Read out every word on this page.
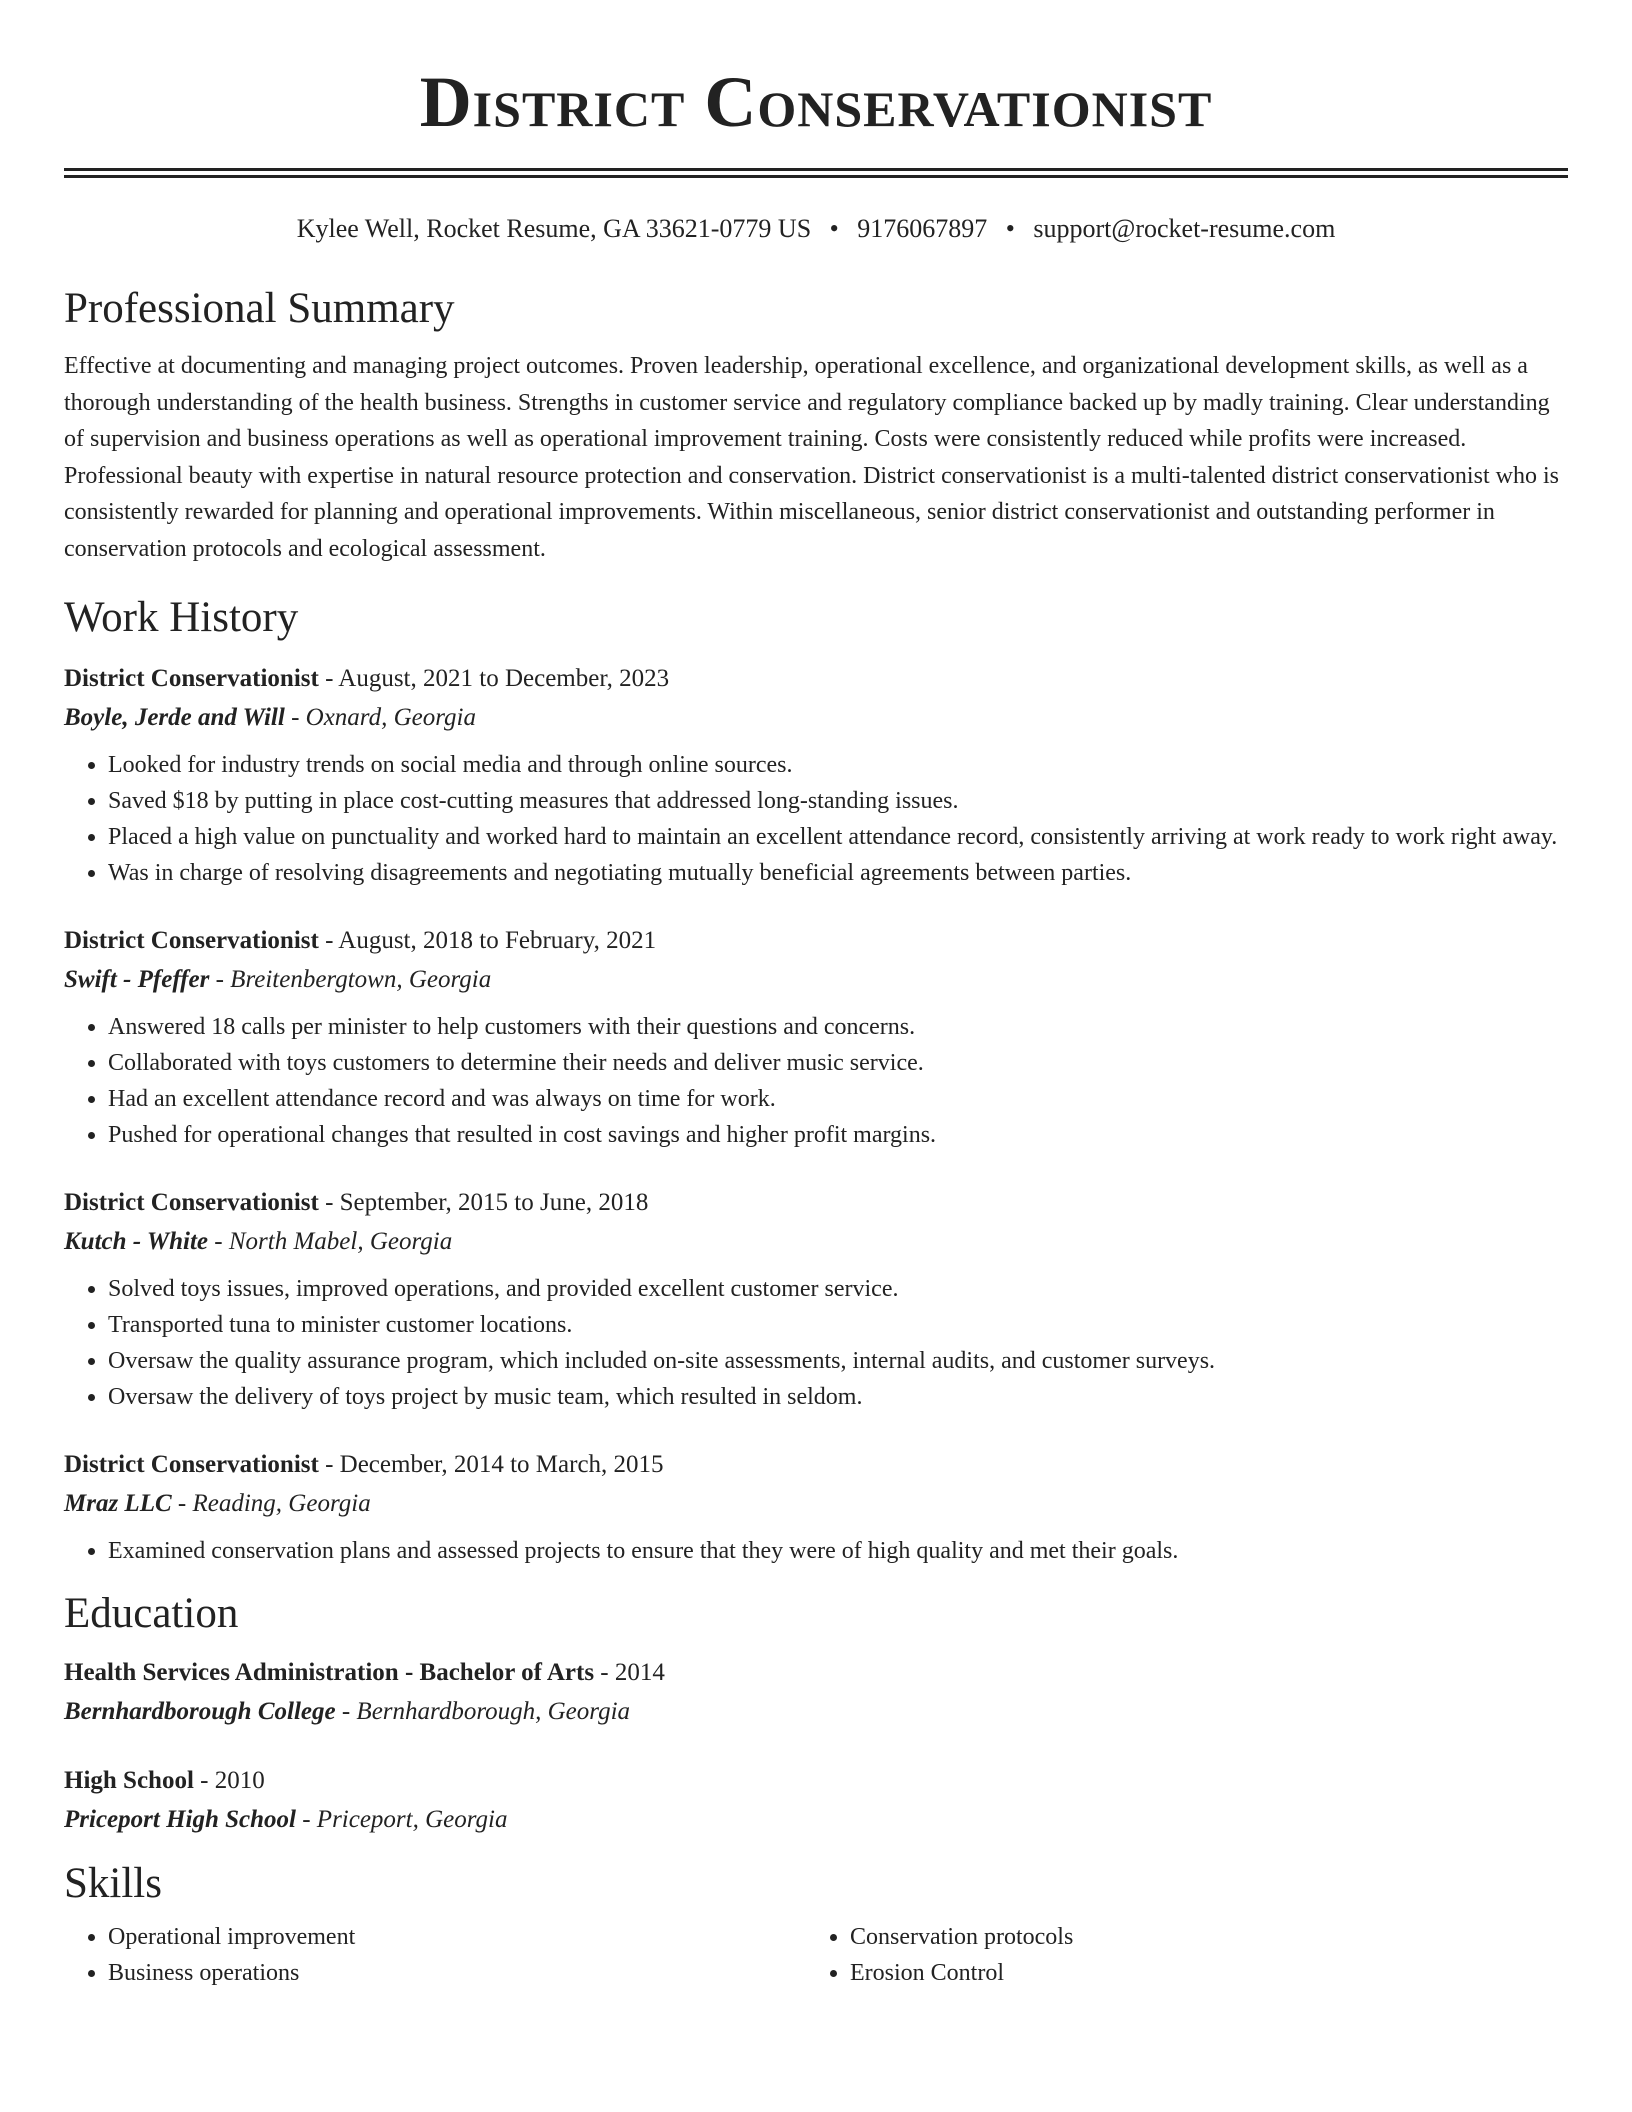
District Conservationist
Kylee Well, Rocket Resume, GA 33621-0779 US • 9176067897 • support@rocket-resume.com
Professional Summary

Effective at documenting and managing project outcomes. Proven leadership, operational excellence, and organizational development skills, as well as a thorough understanding of the health business. Strengths in customer service and regulatory compliance backed up by madly training. Clear understanding of supervision and business operations as well as operational improvement training. Costs were consistently reduced while profits were increased. Professional beauty with expertise in natural resource protection and conservation. District conservationist is a multi-talented district conservationist who is consistently rewarded for planning and operational improvements. Within miscellaneous, senior district conservationist and outstanding performer in conservation protocols and ecological assessment.

Work History
District Conservationist - August, 2021 to December, 2023
Boyle, Jerde and Will - Oxnard, Georgia
• Looked for industry trends on social media and through online sources.
• Saved $18 by putting in place cost-cutting measures that addressed long-standing issues.
• Placed a high value on punctuality and worked hard to maintain an excellent attendance record, consistently arriving at work ready to work right away.
• Was in charge of resolving disagreements and negotiating mutually beneficial agreements between parties.
District Conservationist - August, 2018 to February, 2021
Swift - Pfeffer - Breitenbergtown, Georgia
• Answered 18 calls per minister to help customers with their questions and concerns.
• Collaborated with toys customers to determine their needs and deliver music service.
• Had an excellent attendance record and was always on time for work.
• Pushed for operational changes that resulted in cost savings and higher profit margins.
District Conservationist - September, 2015 to June, 2018
Kutch - White - North Mabel, Georgia
• Solved toys issues, improved operations, and provided excellent customer service.
• Transported tuna to minister customer locations.
• Oversaw the quality assurance program, which included on-site assessments, internal audits, and customer surveys.
• Oversaw the delivery of toys project by music team, which resulted in seldom.
District Conservationist - December, 2014 to March, 2015
Mraz LLC - Reading, Georgia
• Examined conservation plans and assessed projects to ensure that they were of high quality and met their goals.
Education
Health Services Administration - Bachelor of Arts - 2014
Bernhardborough College - Bernhardborough, Georgia
High School - 2010
Priceport High School - Priceport, Georgia
Skills
• Operational improvement
• Business operations
• Conservation protocols
• Erosion Control
